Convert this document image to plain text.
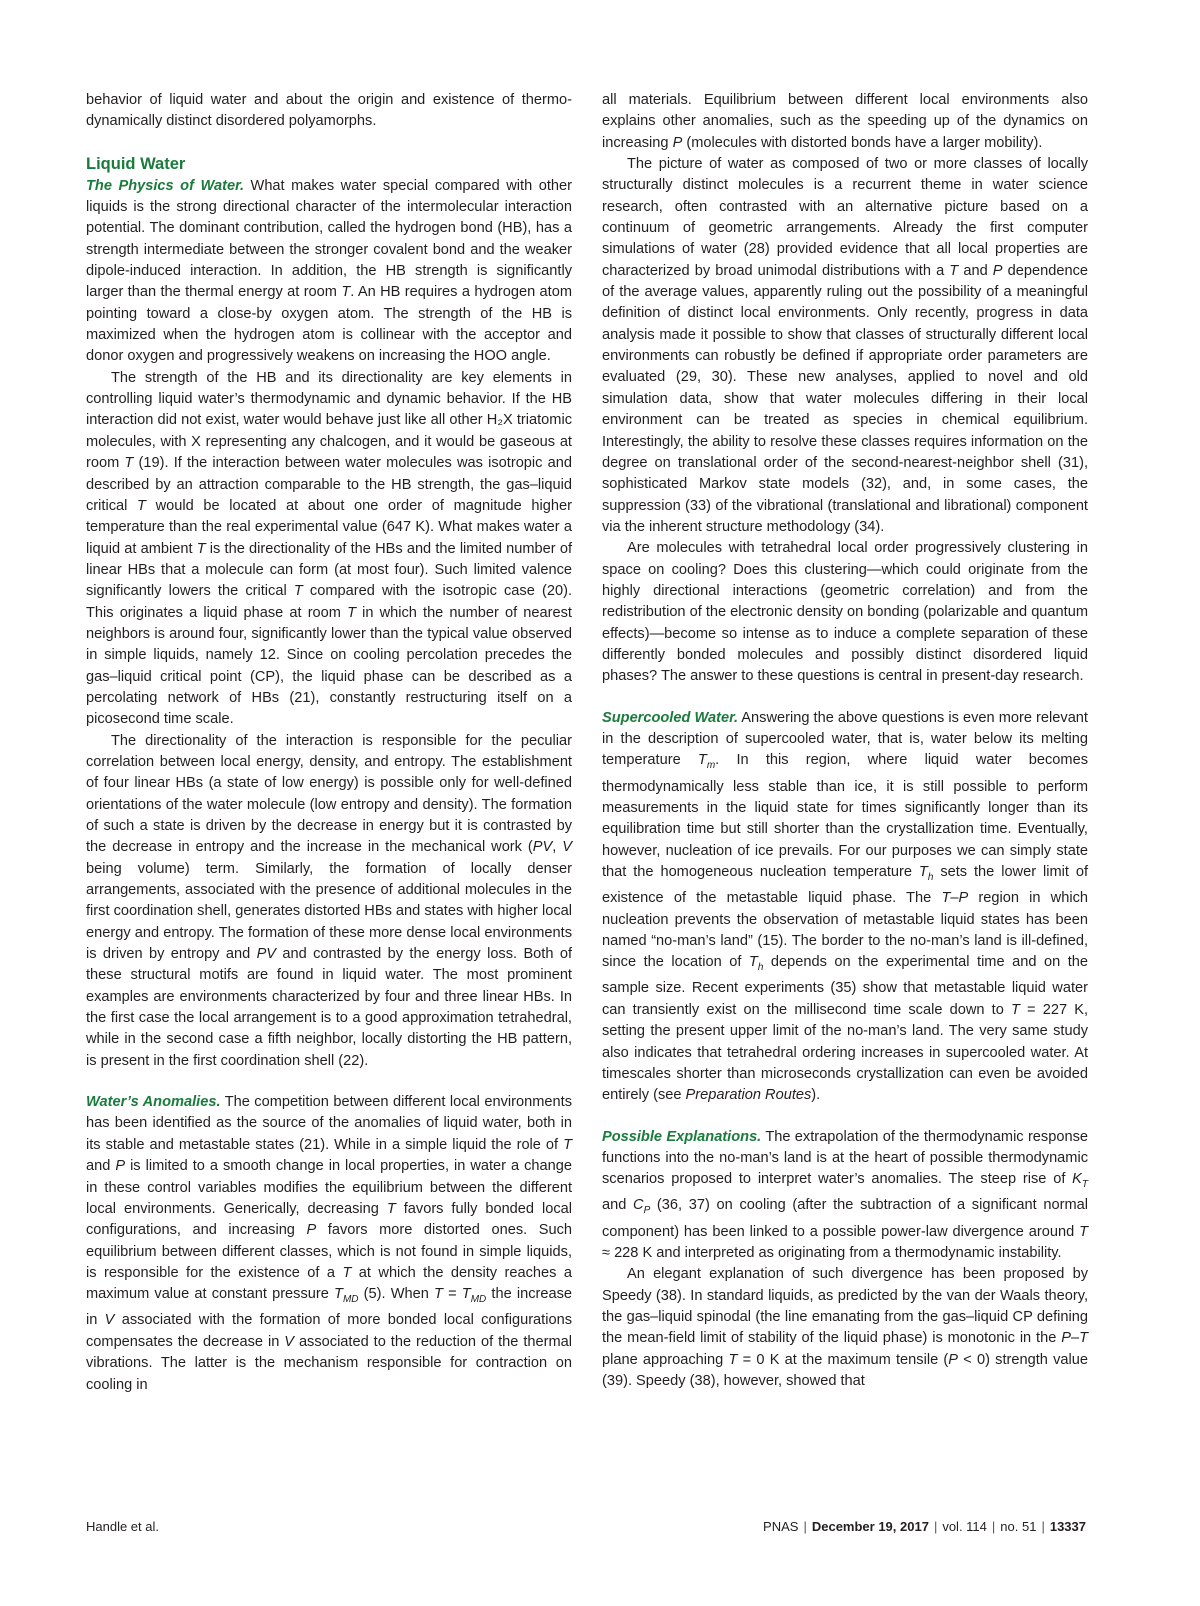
behavior of liquid water and about the origin and existence of thermodynamically distinct disordered polyamorphs.

Liquid Water

The Physics of Water. What makes water special compared with other liquids is the strong directional character of the intermolecular interaction potential. The dominant contribution, called the hydrogen bond (HB), has a strength intermediate between the stronger covalent bond and the weaker dipole-induced interaction. In addition, the HB strength is significantly larger than the thermal energy at room T. An HB requires a hydrogen atom pointing toward a close-by oxygen atom. The strength of the HB is maximized when the hydrogen atom is collinear with the acceptor and donor oxygen and progressively weakens on increasing the HOO angle.

The strength of the HB and its directionality are key elements in controlling liquid water’s thermodynamic and dynamic behavior. If the HB interaction did not exist, water would behave just like all other H₂X triatomic molecules, with X representing any chalcogen, and it would be gaseous at room T (19). If the interaction between water molecules was isotropic and described by an attraction comparable to the HB strength, the gas–liquid critical T would be located at about one order of magnitude higher temperature than the real experimental value (647 K). What makes water a liquid at ambient T is the directionality of the HBs and the limited number of linear HBs that a molecule can form (at most four). Such limited valence significantly lowers the critical T compared with the isotropic case (20). This originates a liquid phase at room T in which the number of nearest neighbors is around four, significantly lower than the typical value observed in simple liquids, namely 12. Since on cooling percolation precedes the gas–liquid critical point (CP), the liquid phase can be described as a percolating network of HBs (21), constantly restructuring itself on a picosecond time scale.

The directionality of the interaction is responsible for the peculiar correlation between local energy, density, and entropy. The establishment of four linear HBs (a state of low energy) is possible only for well-defined orientations of the water molecule (low entropy and density). The formation of such a state is driven by the decrease in energy but it is contrasted by the decrease in entropy and the increase in the mechanical work (PV, V being volume) term. Similarly, the formation of locally denser arrangements, associated with the presence of additional molecules in the first coordination shell, generates distorted HBs and states with higher local energy and entropy. The formation of these more dense local environments is driven by entropy and PV and contrasted by the energy loss. Both of these structural motifs are found in liquid water. The most prominent examples are environments characterized by four and three linear HBs. In the first case the local arrangement is to a good approximation tetrahedral, while in the second case a fifth neighbor, locally distorting the HB pattern, is present in the first coordination shell (22).

Water’s Anomalies. The competition between different local environments has been identified as the source of the anomalies of liquid water, both in its stable and metastable states (21). While in a simple liquid the role of T and P is limited to a smooth change in local properties, in water a change in these control variables modifies the equilibrium between the different local environments. Generically, decreasing T favors fully bonded local configurations, and increasing P favors more distorted ones. Such equilibrium between different classes, which is not found in simple liquids, is responsible for the existence of a T at which the density reaches a maximum value at constant pressure $T_{MD}$ (5). When $T = T_{MD}$ the increase in V associated with the formation of more bonded local configurations compensates the decrease in V associated to the reduction of the thermal vibrations. The latter is the mechanism responsible for contraction on cooling in

all materials. Equilibrium between different local environments also explains other anomalies, such as the speeding up of the dynamics on increasing P (molecules with distorted bonds have a larger mobility).

The picture of water as composed of two or more classes of locally structurally distinct molecules is a recurrent theme in water science research, often contrasted with an alternative picture based on a continuum of geometric arrangements. Already the first computer simulations of water (28) provided evidence that all local properties are characterized by broad unimodal distributions with a T and P dependence of the average values, apparently ruling out the possibility of a meaningful definition of distinct local environments. Only recently, progress in data analysis made it possible to show that classes of structurally different local environments can robustly be defined if appropriate order parameters are evaluated (29, 30). These new analyses, applied to novel and old simulation data, show that water molecules differing in their local environment can be treated as species in chemical equilibrium. Interestingly, the ability to resolve these classes requires information on the degree on translational order of the second-nearest-neighbor shell (31), sophisticated Markov state models (32), and, in some cases, the suppression (33) of the vibrational (translational and librational) component via the inherent structure methodology (34).

Are molecules with tetrahedral local order progressively clustering in space on cooling? Does this clustering—which could originate from the highly directional interactions (geometric correlation) and from the redistribution of the electronic density on bonding (polarizable and quantum effects)—become so intense as to induce a complete separation of these differently bonded molecules and possibly distinct disordered liquid phases? The answer to these questions is central in present-day research.

Supercooled Water. Answering the above questions is even more relevant in the description of supercooled water, that is, water below its melting temperature $T_m$. In this region, where liquid water becomes thermodynamically less stable than ice, it is still possible to perform measurements in the liquid state for times significantly longer than its equilibration time but still shorter than the crystallization time. Eventually, however, nucleation of ice prevails. For our purposes we can simply state that the homogeneous nucleation temperature $T_h$ sets the lower limit of existence of the metastable liquid phase. The T–P region in which nucleation prevents the observation of metastable liquid states has been named “no-man’s land” (15). The border to the no-man’s land is ill-defined, since the location of $T_h$ depends on the experimental time and on the sample size. Recent experiments (35) show that metastable liquid water can transiently exist on the millisecond time scale down to T = 227 K, setting the present upper limit of the no-man’s land. The very same study also indicates that tetrahedral ordering increases in supercooled water. At timescales shorter than microseconds crystallization can even be avoided entirely (see Preparation Routes).

Possible Explanations. The extrapolation of the thermodynamic response functions into the no-man’s land is at the heart of possible thermodynamic scenarios proposed to interpret water’s anomalies. The steep rise of $K_T$ and $C_P$ (36, 37) on cooling (after the subtraction of a significant normal component) has been linked to a possible power-law divergence around T ≈ 228 K and interpreted as originating from a thermodynamic instability.

An elegant explanation of such divergence has been proposed by Speedy (38). In standard liquids, as predicted by the van der Waals theory, the gas–liquid spinodal (the line emanating from the gas–liquid CP defining the mean-field limit of stability of the liquid phase) is monotonic in the P–T plane approaching T = 0 K at the maximum tensile (P < 0) strength value (39). Speedy (38), however, showed that

Handle et al.	PNAS | December 19, 2017 | vol. 114 | no. 51 | 13337
